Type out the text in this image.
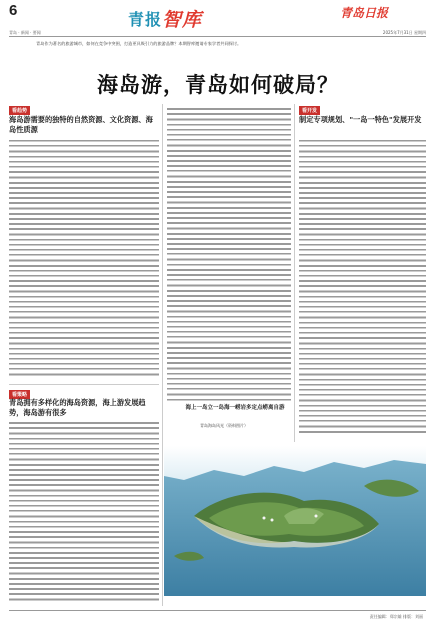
6	青报智库	青岛日报
青岛 · 新闻 · 要闻	2025年7月31日 星期四
青岛作为著名的旅游城市，如何在竞争中突围，打造更具吸引力的旅游品牌？本期智库邀请专家学者共同探讨。
海岛游，青岛如何破局？
看趋势
海岛游需要的独特的自然资源、文化资源、海岛性质源
看策略
青岛拥有多样化的海岛资源，海上游发展趋势，海岛游有很多	海上一岛立一岛海一崂岩多定点崂离自游
看开发
制定专项规划、"一岛一特色"发展开发
青岛海岛风光（资料图片）
责任编辑：郑宗雄 排版：刘丽
